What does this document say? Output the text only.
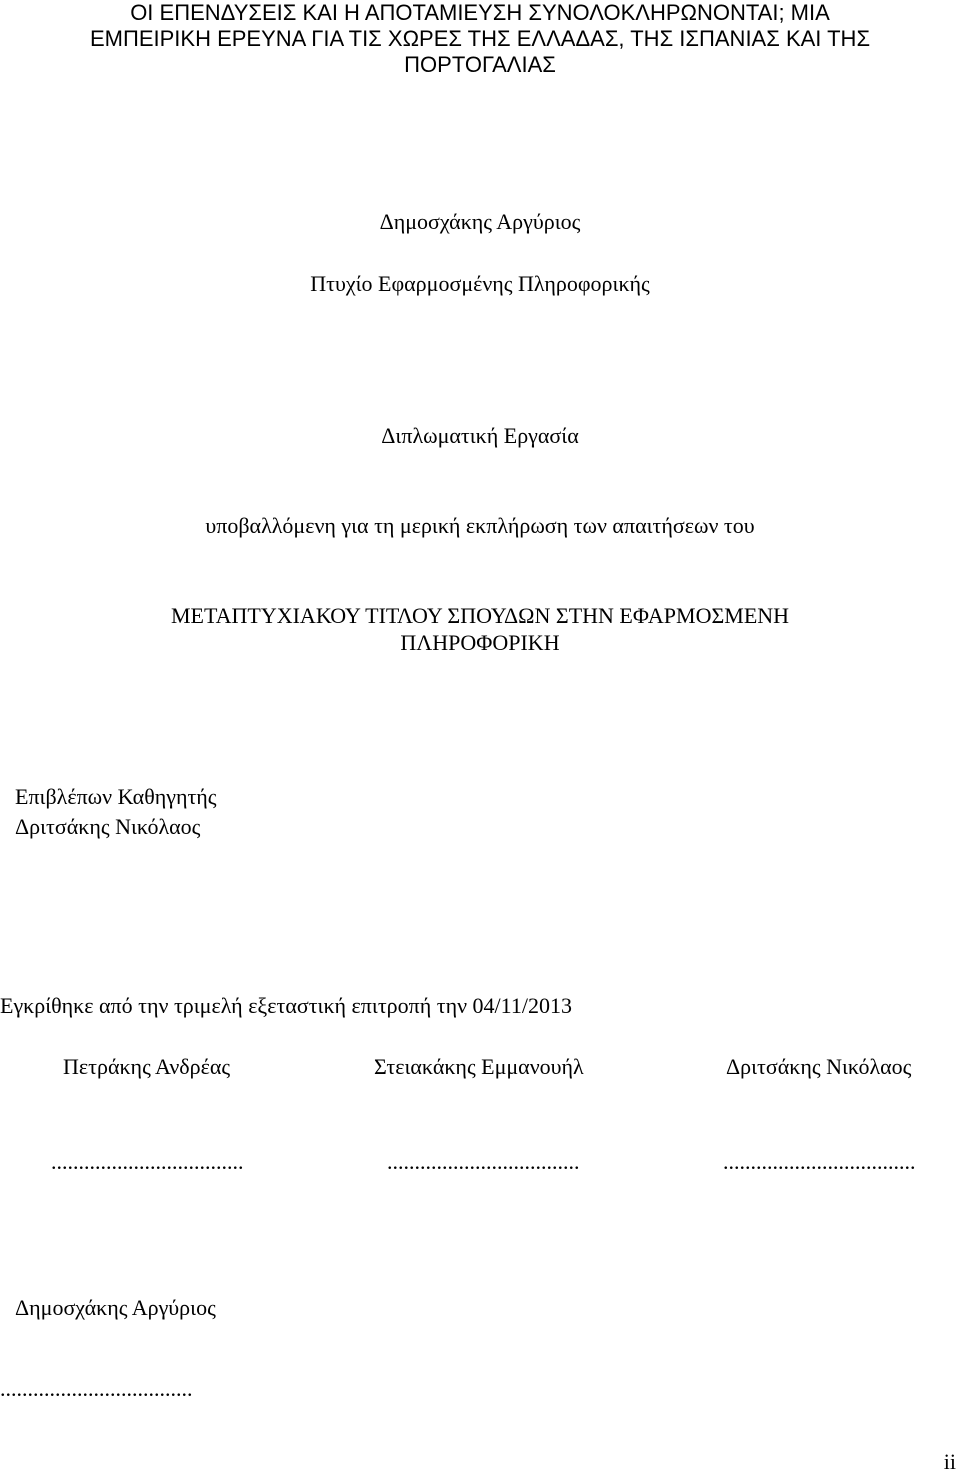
ΟΙ ΕΠΕΝΔΥΣΕΙΣ ΚΑΙ Η ΑΠΟΤΑΜΙΕΥΣΗ ΣΥΝΟΛΟΚΛΗΡΩΝΟΝΤΑΙ; ΜΙΑ
ΕΜΠΕΙΡΙΚΗ ΕΡΕΥΝΑ ΓΙΑ ΤΙΣ ΧΩΡΕΣ ΤΗΣ ΕΛΛΑΔΑΣ, ΤΗΣ ΙΣΠΑΝΙΑΣ ΚΑΙ ΤΗΣ
ΠΟΡΤΟΓΑΛΙΑΣ
Δημοσχάκης Αργύριος
Πτυχίο Εφαρμοσμένης Πληροφορικής
Διπλωματική Εργασία
υποβαλλόμενη για τη μερική εκπλήρωση των απαιτήσεων του
ΜΕΤΑΠΤΥΧΙΑΚΟΥ ΤΙΤΛΟΥ ΣΠΟΥΔΩΝ ΣΤΗΝ ΕΦΑΡΜΟΣΜΕΝΗ
ΠΛΗΡΟΦΟΡΙΚΗ
Επιβλέπων Καθηγητής
Δριτσάκης Νικόλαος
Εγκρίθηκε από την τριμελή εξεταστική επιτροπή την 04/11/2013
Πετράκης Ανδρέας	Στειακάκης Εμμανουήλ	Δριτσάκης Νικόλαος
...................................	...................................	...................................
Δημοσχάκης Αργύριος
...................................
ii
